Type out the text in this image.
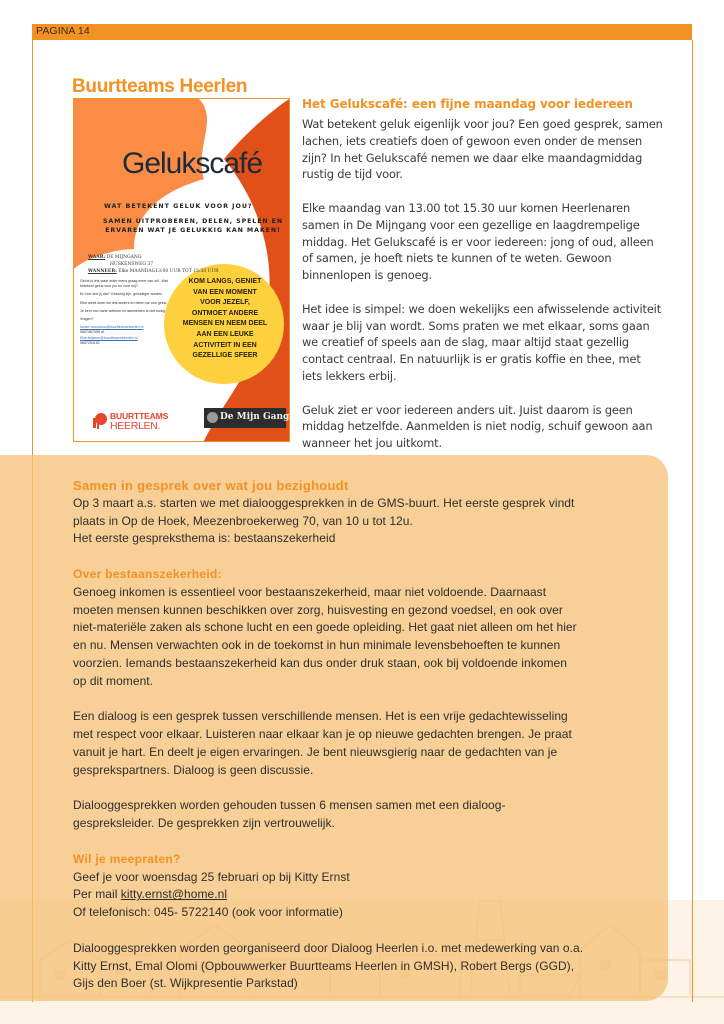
PAGINA 14
Buurtteams Heerlen
Gelukscafé
WAT BETEKENT GELUK VOOR JOU?
SAMEN UITPROBEREN, DELEN, SPELEN EN ERVAREN WAT JE GELUKKIG KAN MAKEN!
WAAR: DE MIJNGANG
HUSKENSWEG 37
WANNEER: Elke MAANDAG13:00 UUR TOT 15:30 UUR

Geluk is iets waar ieder mens graag meer van wil.. Wat betekent geluk voor jou en voor mij?

En hoe doe jij dat? Gelukkig zijn, gelukkiger worden.

Elke week doen we iets anders en delen we ons geluk.

Je bent van harte welkom en aanmelden is niet nodig.

Vragen?

louise.voordouw@buurtteamsheerlen.nl
0657467056 of
Elke.thijssen@buurtteamsheerlen.nl
0657251152
KOM LANGS, GENIET
VAN EEN MOMENT
VOOR JEZELF,
ONTMOET ANDERE
MENSEN EN NEEM DEEL
AAN EEN LEUKE
ACTIVITEIT IN EEN
GEZELLIGE SFEER
BUURTTEAMS
HEERLEN.
De Mijn Gang
Het Gelukscafé: een fijne maandag voor iedereen

Wat betekent geluk eigenlijk voor jou? Een goed gesprek, samen lachen, iets creatiefs doen of gewoon even onder de mensen zijn? In het Gelukscafé nemen we daar elke maandagmiddag rustig de tijd voor.

Elke maandag van 13.00 tot 15.30 uur komen Heerlenaren samen in De Mijngang voor een gezellige en laagdrempelige middag. Het Gelukscafé is er voor iedereen: jong of oud, alleen of samen, je hoeft niets te kunnen of te weten. Gewoon binnenlopen is genoeg.

Het idee is simpel: we doen wekelijks een afwisselende activiteit waar je blij van wordt. Soms praten we met elkaar, soms gaan we creatief of speels aan de slag, maar altijd staat gezellig contact centraal. En natuurlijk is er gratis koffie en thee, met iets lekkers erbij.

Geluk ziet er voor iedereen anders uit. Juist daarom is geen middag hetzelfde. Aanmelden is niet nodig, schuif gewoon aan wanneer het jou uitkomt.

Samen in gesprek over wat jou bezighoudt

Op 3 maart a.s. starten we met dialooggesprekken in de GMS-buurt. Het eerste gesprek vindt

plaats in Op de Hoek, Meezenbroekerweg 70, van 10 u tot 12u.

Het eerste gespreksthema is: bestaanszekerheid

Over bestaanszekerheid:

Genoeg inkomen is essentieel voor bestaanszekerheid, maar niet voldoende. Daarnaast

moeten mensen kunnen beschikken over zorg, huisvesting en gezond voedsel, en ook over

niet-materiële zaken als schone lucht en een goede opleiding. Het gaat niet alleen om het hier

en nu. Mensen verwachten ook in de toekomst in hun minimale levensbehoeften te kunnen

voorzien. Iemands bestaanszekerheid kan dus onder druk staan, ook bij voldoende inkomen

op dit moment.

Een dialoog is een gesprek tussen verschillende mensen. Het is een vrije gedachtewisseling

met respect voor elkaar. Luisteren naar elkaar kan je op nieuwe gedachten brengen. Je praat

vanuit je hart. En deelt je eigen ervaringen. Je bent nieuwsgierig naar de gedachten van je

gesprekspartners. Dialoog is geen discussie.

Dialooggesprekken worden gehouden tussen 6 mensen samen met een dialoog-

gespreksleider. De gesprekken zijn vertrouwelijk.

Wil je meepraten?

Geef je voor woensdag 25 februari op bij Kitty Ernst

Per mail kitty.ernst@home.nl

Of telefonisch: 045- 5722140 (ook voor informatie)

Dialooggesprekken worden georganiseerd door Dialoog Heerlen i.o. met medewerking van o.a.

Kitty Ernst, Emal Olomi (Opbouwwerker Buurtteams Heerlen in GMSH), Robert Bergs (GGD),

Gijs den Boer (st. Wijkpresentie Parkstad)
